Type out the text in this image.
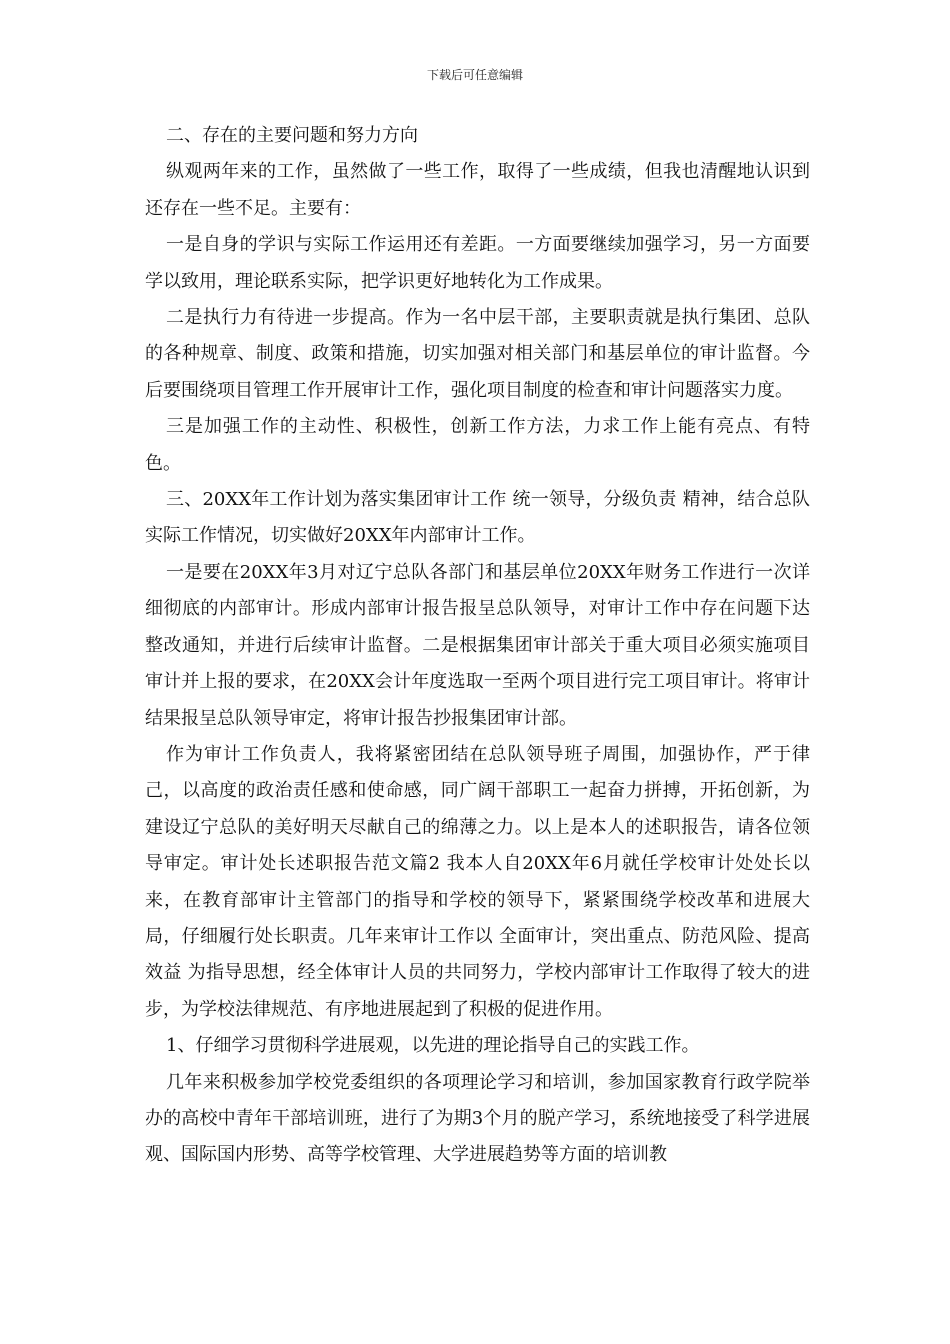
下载后可任意编辑

二、存在的主要问题和努力方向

纵观两年来的工作，虽然做了一些工作，取得了一些成绩，但我也清醒地认识到还存在一些不足。主要有：

一是自身的学识与实际工作运用还有差距。一方面要继续加强学习，另一方面要学以致用，理论联系实际，把学识更好地转化为工作成果。

二是执行力有待进一步提高。作为一名中层干部，主要职责就是执行集团、总队的各种规章、制度、政策和措施，切实加强对相关部门和基层单位的审计监督。今后要围绕项目管理工作开展审计工作，强化项目制度的检查和审计问题落实力度。

三是加强工作的主动性、积极性，创新工作方法，力求工作上能有亮点、有特色。

三、20XX年工作计划为落实集团审计工作 统一领导，分级负责 精神，结合总队实际工作情况，切实做好20XX年内部审计工作。

一是要在20XX年3月对辽宁总队各部门和基层单位20XX年财务工作进行一次详细彻底的内部审计。形成内部审计报告报呈总队领导，对审计工作中存在问题下达整改通知，并进行后续审计监督。二是根据集团审计部关于重大项目必须实施项目审计并上报的要求，在20XX会计年度选取一至两个项目进行完工项目审计。将审计结果报呈总队领导审定，将审计报告抄报集团审计部。

作为审计工作负责人，我将紧密团结在总队领导班子周围，加强协作，严于律己，以高度的政治责任感和使命感，同广阔干部职工一起奋力拼搏，开拓创新，为建设辽宁总队的美好明天尽献自己的绵薄之力。以上是本人的述职报告，请各位领导审定。审计处长述职报告范文篇2 我本人自20XX年6月就任学校审计处处长以来，在教育部审计主管部门的指导和学校的领导下，紧紧围绕学校改革和进展大局，仔细履行处长职责。几年来审计工作以 全面审计，突出重点、防范风险、提高效益 为指导思想，经全体审计人员的共同努力，学校内部审计工作取得了较大的进步，为学校法律规范、有序地进展起到了积极的促进作用。

1、仔细学习贯彻科学进展观，以先进的理论指导自己的实践工作。

几年来积极参加学校党委组织的各项理论学习和培训，参加国家教育行政学院举办的高校中青年干部培训班，进行了为期3个月的脱产学习，系统地接受了科学进展观、国际国内形势、高等学校管理、大学进展趋势等方面的培训教
